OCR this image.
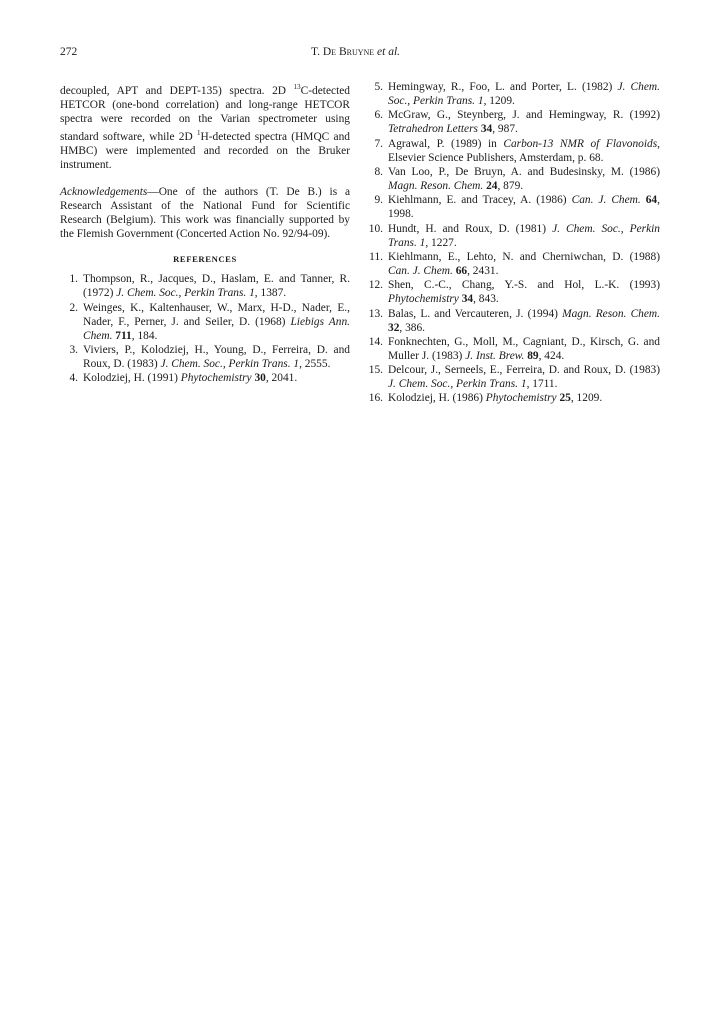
272	T. De Bruyne et al.

decoupled, APT and DEPT-135) spectra. 2D $^{13}$C-detected HETCOR (one-bond correlation) and long-range HETCOR spectra were recorded on the Varian spectrometer using standard software, while 2D $^1$H-detected spectra (HMQC and HMBC) were implemented and recorded on the Bruker instrument.

Acknowledgements—One of the authors (T. De B.) is a Research Assistant of the National Fund for Scientific Research (Belgium). This work was financially supported by the Flemish Government (Concerted Action No. 92/94-09).

REFERENCES
1. Thompson, R., Jacques, D., Haslam, E. and Tanner, R. (1972) J. Chem. Soc., Perkin Trans. 1, 1387.
2. Weinges, K., Kaltenhauser, W., Marx, H-D., Nader, E., Nader, F., Perner, J. and Seiler, D. (1968) Liebigs Ann. Chem. 711, 184.
3. Viviers, P., Kolodziej, H., Young, D., Ferreira, D. and Roux, D. (1983) J. Chem. Soc., Perkin Trans. 1, 2555.
4. Kolodziej, H. (1991) Phytochemistry 30, 2041.
5. Hemingway, R., Foo, L. and Porter, L. (1982) J. Chem. Soc., Perkin Trans. 1, 1209.
6. McGraw, G., Steynberg, J. and Hemingway, R. (1992) Tetrahedron Letters 34, 987.
7. Agrawal, P. (1989) in Carbon-13 NMR of Flavonoids, Elsevier Science Publishers, Amsterdam, p. 68.
8. Van Loo, P., De Bruyn, A. and Budesinsky, M. (1986) Magn. Reson. Chem. 24, 879.
9. Kiehlmann, E. and Tracey, A. (1986) Can. J. Chem. 64, 1998.
10. Hundt, H. and Roux, D. (1981) J. Chem. Soc., Perkin Trans. 1, 1227.
11. Kiehlmann, E., Lehto, N. and Cherniwchan, D. (1988) Can. J. Chem. 66, 2431.
12. Shen, C.-C., Chang, Y.-S. and Hol, L.-K. (1993) Phytochemistry 34, 843.
13. Balas, L. and Vercauteren, J. (1994) Magn. Reson. Chem. 32, 386.
14. Fonknechten, G., Moll, M., Cagniant, D., Kirsch, G. and Muller J. (1983) J. Inst. Brew. 89, 424.
15. Delcour, J., Serneels, E., Ferreira, D. and Roux, D. (1983) J. Chem. Soc., Perkin Trans. 1, 1711.
16. Kolodziej, H. (1986) Phytochemistry 25, 1209.
